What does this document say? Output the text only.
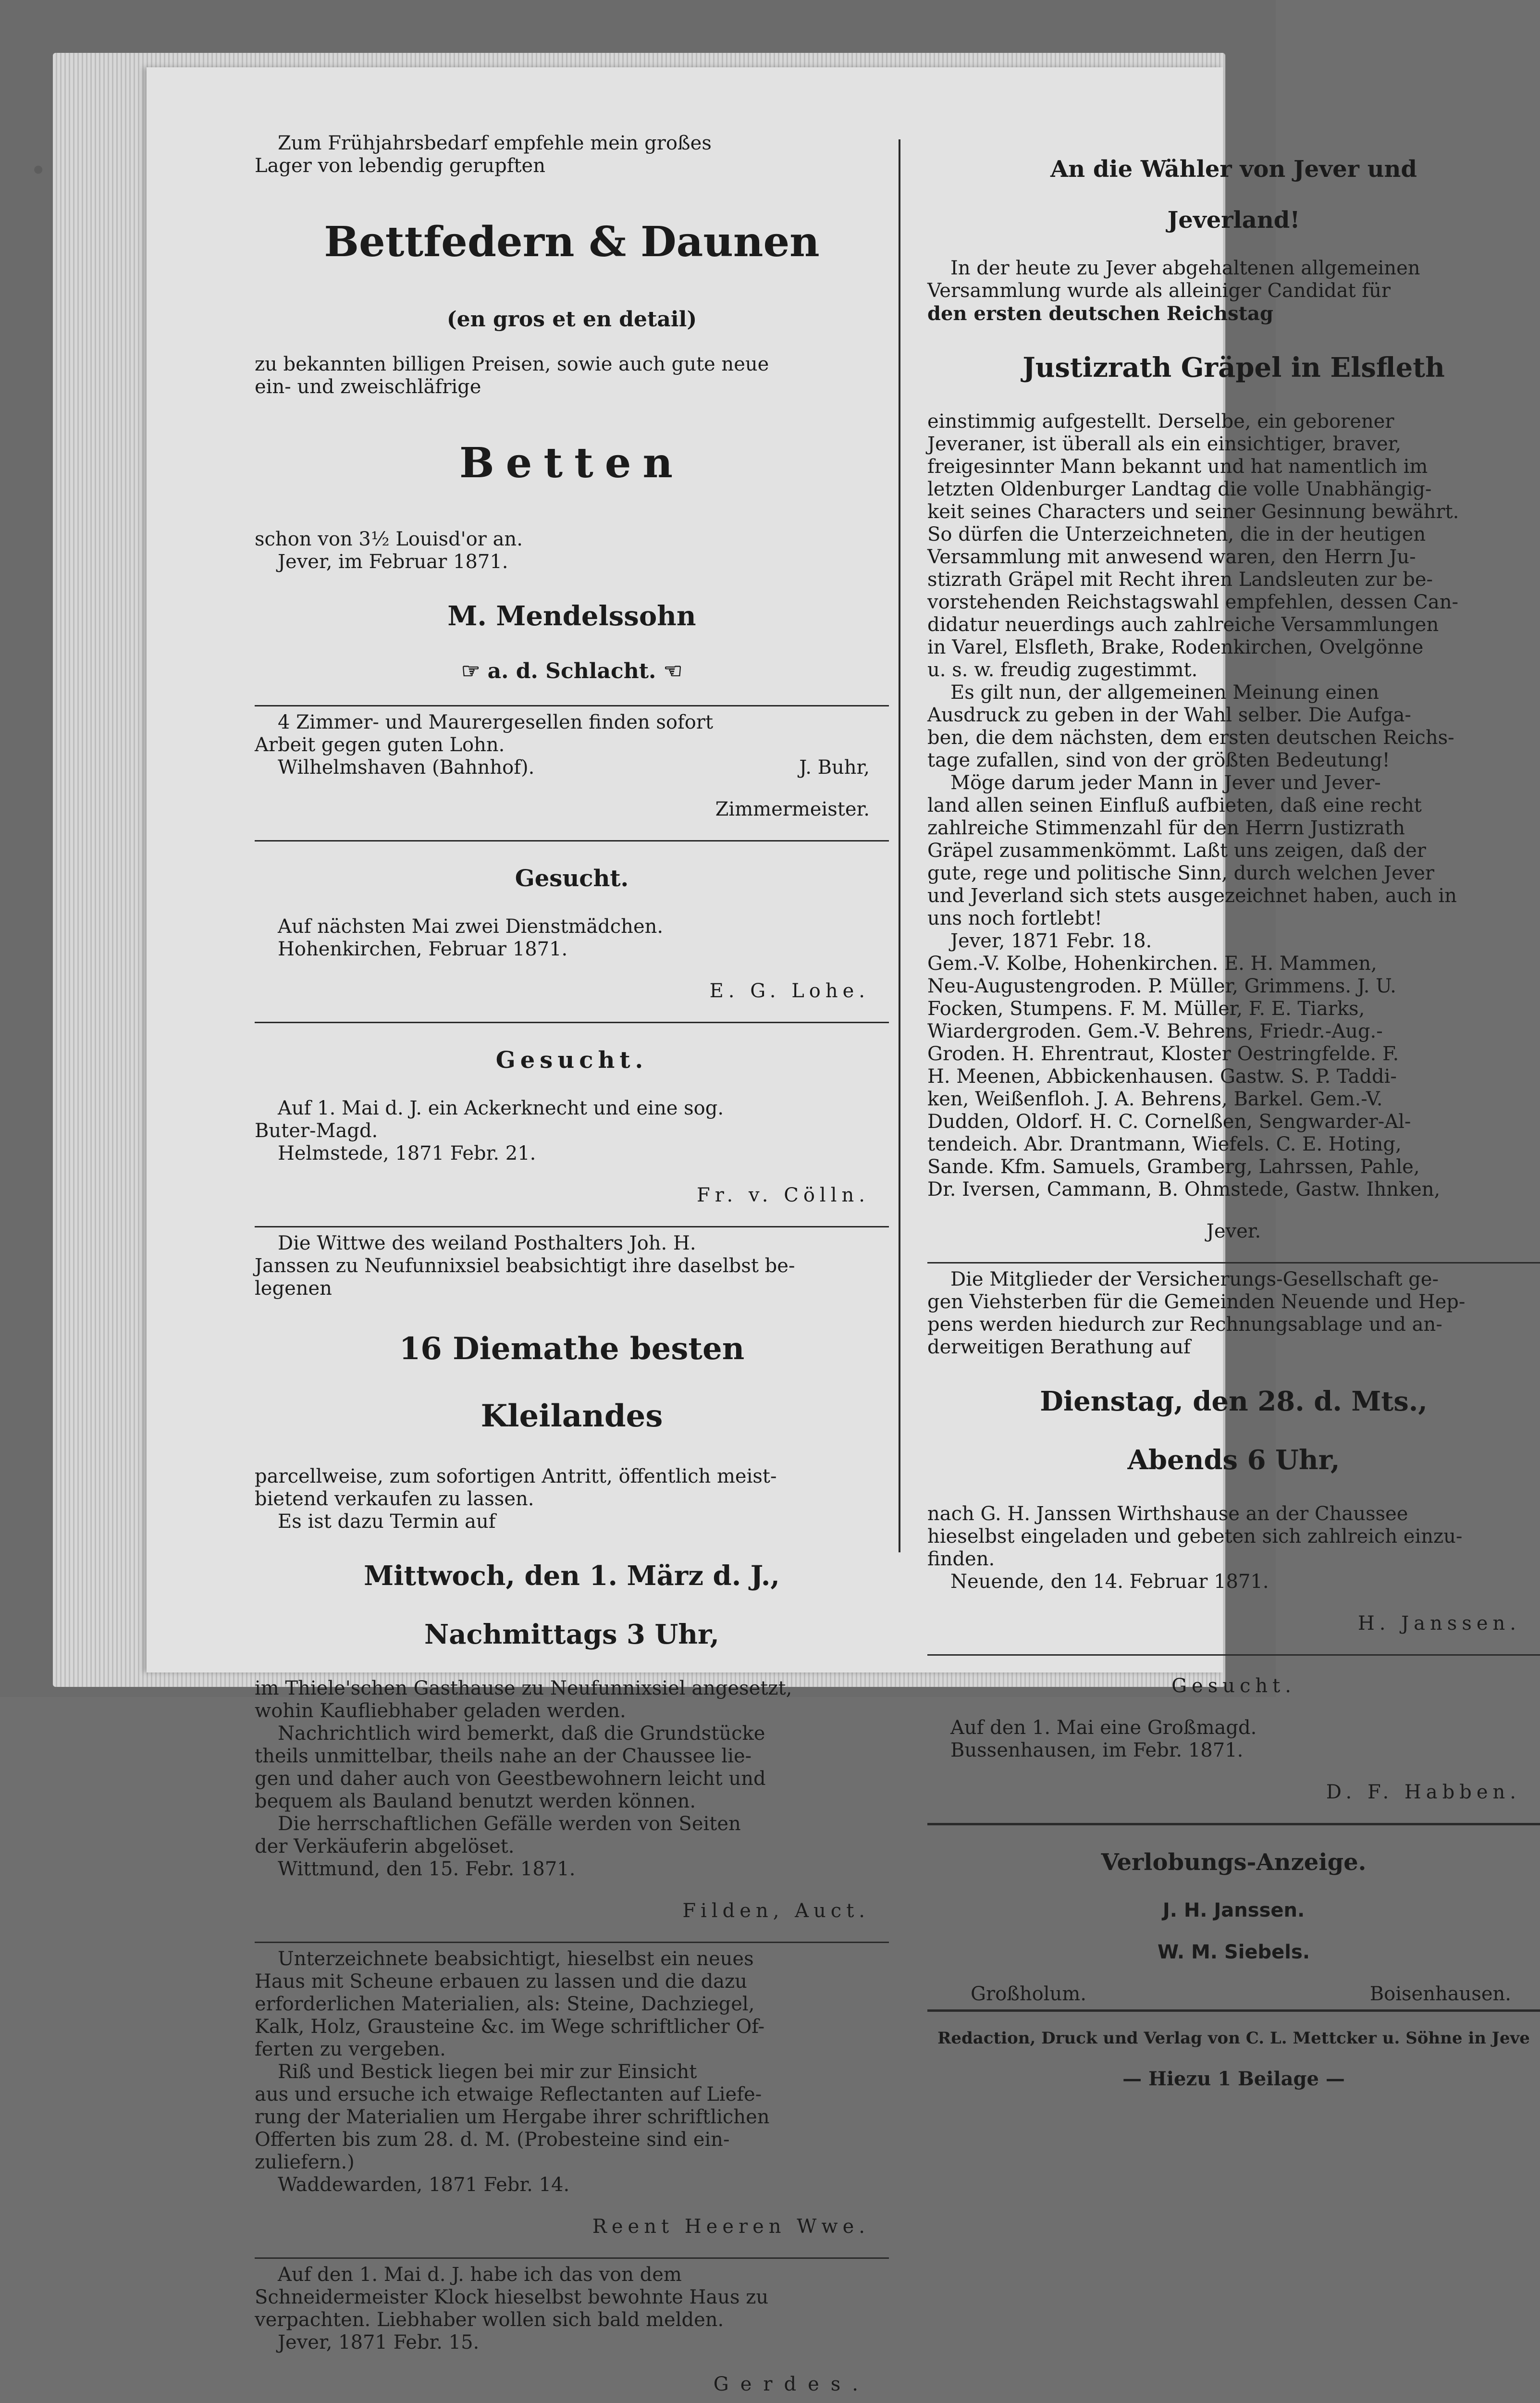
Zum Frühjahrsbedarf empfehle mein großes

Lager von lebendig gerupften

Bettfedern & Daunen

(en gros et en detail)

zu bekannten billigen Preisen, sowie auch gute neue

ein- und zweischläfrige

Betten

schon von 3½ Louisd'or an.

Jever, im Februar 1871.

M. Mendelssohn

☞ a. d. Schlacht. ☜

4 Zimmer- und Maurergesellen finden sofort

Arbeit gegen guten Lohn.

Wilhelmshaven (Bahnhof).	J. Buhr,

Zimmermeister.

Gesucht.

Auf nächsten Mai zwei Dienstmädchen.

Hohenkirchen, Februar 1871.

E. G. Lohe.

Gesucht.

Auf 1. Mai d. J. ein Ackerknecht und eine sog.

Buter-Magd.

Helmstede, 1871 Febr. 21.

Fr. v. Cölln.

Die Wittwe des weiland Posthalters Joh. H.

Janssen zu Neufunnixsiel beabsichtigt ihre daselbst be-

legenen

16 Diemathe besten

Kleilandes

parcellweise, zum sofortigen Antritt, öffentlich meist-

bietend verkaufen zu lassen.

Es ist dazu Termin auf

Mittwoch, den 1. März d. J.,

Nachmittags 3 Uhr,

im Thiele'schen Gasthause zu Neufunnixsiel angesetzt,

wohin Kaufliebhaber geladen werden.

Nachrichtlich wird bemerkt, daß die Grundstücke

theils unmittelbar, theils nahe an der Chaussee lie-

gen und daher auch von Geestbewohnern leicht und

bequem als Bauland benutzt werden können.

Die herrschaftlichen Gefälle werden von Seiten

der Verkäuferin abgelöset.

Wittmund, den 15. Febr. 1871.

Filden, Auct.

Unterzeichnete beabsichtigt, hieselbst ein neues

Haus mit Scheune erbauen zu lassen und die dazu

erforderlichen Materialien, als: Steine, Dachziegel,

Kalk, Holz, Grausteine &c. im Wege schriftlicher Of-

ferten zu vergeben.

Riß und Bestick liegen bei mir zur Einsicht

aus und ersuche ich etwaige Reflectanten auf Liefe-

rung der Materialien um Hergabe ihrer schriftlichen

Offerten bis zum 28. d. M. (Probesteine sind ein-

zuliefern.)

Waddewarden, 1871 Febr. 14.

Reent Heeren Wwe.

Auf den 1. Mai d. J. habe ich das von dem

Schneidermeister Klock hieselbst bewohnte Haus zu

verpachten. Liebhaber wollen sich bald melden.

Jever, 1871 Febr. 15.

Gerdes.

An die Wähler von Jever und

Jeverland!

In der heute zu Jever abgehaltenen allgemeinen

Versammlung wurde als alleiniger Candidat für

den ersten deutschen Reichstag

Justizrath Gräpel in Elsfleth

einstimmig aufgestellt. Derselbe, ein geborener

Jeveraner, ist überall als ein einsichtiger, braver,

freigesinnter Mann bekannt und hat namentlich im

letzten Oldenburger Landtag die volle Unabhängig-

keit seines Characters und seiner Gesinnung bewährt.

So dürfen die Unterzeichneten, die in der heutigen

Versammlung mit anwesend waren, den Herrn Ju-

stizrath Gräpel mit Recht ihren Landsleuten zur be-

vorstehenden Reichstagswahl empfehlen, dessen Can-

didatur neuerdings auch zahlreiche Versammlungen

in Varel, Elsfleth, Brake, Rodenkirchen, Ovelgönne

u. s. w. freudig zugestimmt.

Es gilt nun, der allgemeinen Meinung einen

Ausdruck zu geben in der Wahl selber. Die Aufga-

ben, die dem nächsten, dem ersten deutschen Reichs-

tage zufallen, sind von der größten Bedeutung!

Möge darum jeder Mann in Jever und Jever-

land allen seinen Einfluß aufbieten, daß eine recht

zahlreiche Stimmenzahl für den Herrn Justizrath

Gräpel zusammenkömmt. Laßt uns zeigen, daß der

gute, rege und politische Sinn, durch welchen Jever

und Jeverland sich stets ausgezeichnet haben, auch in

uns noch fortlebt!

Jever, 1871 Febr. 18.

Gem.-V. Kolbe, Hohenkirchen. E. H. Mammen,

Neu-Augustengroden. P. Müller, Grimmens. J. U.

Focken, Stumpens. F. M. Müller, F. E. Tiarks,

Wiardergroden. Gem.-V. Behrens, Friedr.-Aug.-

Groden. H. Ehrentraut, Kloster Oestringfelde. F.

H. Meenen, Abbickenhausen. Gastw. S. P. Taddi-

ken, Weißenfloh. J. A. Behrens, Barkel. Gem.-V.

Dudden, Oldorf. H. C. Cornelßen, Sengwarder-Al-

tendeich. Abr. Drantmann, Wiefels. C. E. Hoting,

Sande. Kfm. Samuels, Gramberg, Lahrssen, Pahle,

Dr. Iversen, Cammann, B. Ohmstede, Gastw. Ihnken,

Jever.

Die Mitglieder der Versicherungs-Gesellschaft ge-

gen Viehsterben für die Gemeinden Neuende und Hep-

pens werden hiedurch zur Rechnungsablage und an-

derweitigen Berathung auf

Dienstag, den 28. d. Mts.,

Abends 6 Uhr,

nach G. H. Janssen Wirthshause an der Chaussee

hieselbst eingeladen und gebeten sich zahlreich einzu-

finden.

Neuende, den 14. Februar 1871.

H. Janssen.

Gesucht.

Auf den 1. Mai eine Großmagd.

Bussenhausen, im Febr. 1871.

D. F. Habben.

Verlobungs-Anzeige.

J. H. Janssen.

W. M. Siebels.

Großholum.	Boisenhausen.

Redaction, Druck und Verlag von C. L. Mettcker u. Söhne in Jeve

— Hiezu 1 Beilage —
